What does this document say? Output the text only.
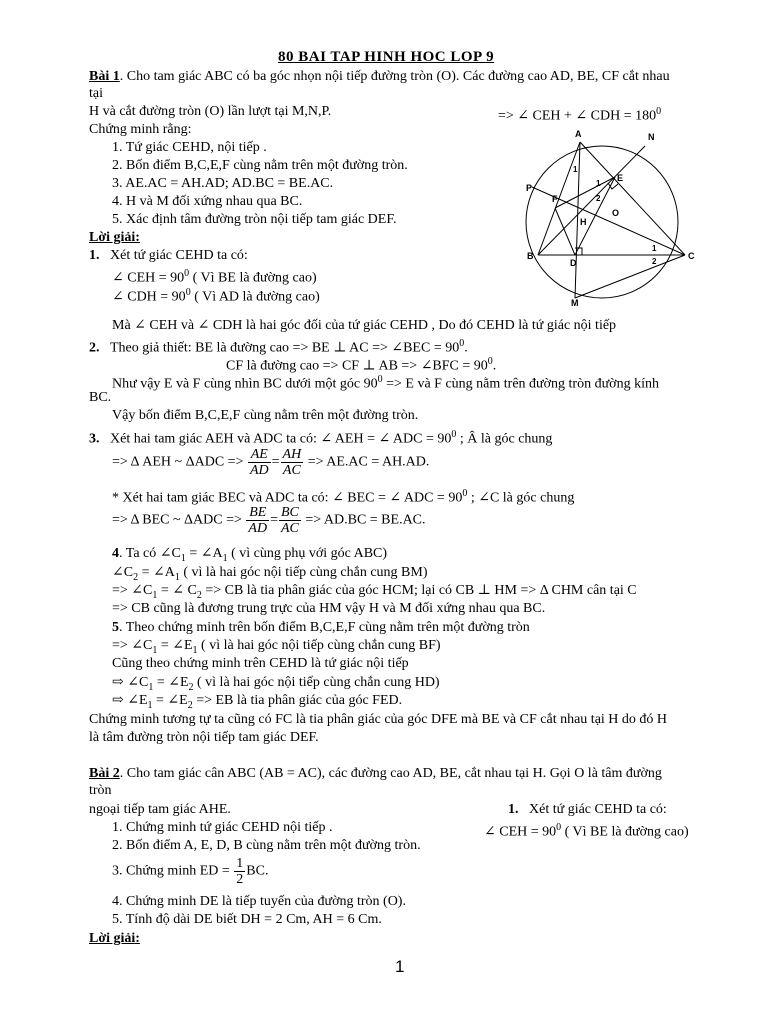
80 BAI TAP HINH HOC LOP 9
Bài 1. Cho tam giác ABC có ba góc nhọn nội tiếp đường tròn (O). Các đường cao AD, BE, CF cắt nhau
tại
H và cắt đường tròn (O) lần lượt tại M,N,P.	=> ∠ CEH + ∠ CDH = $180^0$
Chứng minh rằng:
1. Tứ giác CEHD, nội tiếp .
2. Bốn điểm B,C,E,F cùng nằm trên một đường tròn.
3. AE.AC = AH.AD; AD.BC = BE.AC.
4. H và M đối xứng nhau qua BC.
5. Xác định tâm đường tròn nội tiếp tam giác DEF.
Lời giải:
1. Xét tứ giác CEHD ta có:
∠ CEH = $90^0$ ( Vì BE là đường cao)
∠ CDH = $90^0$ ( Vì AD là đường cao)
Mà ∠ CEH và ∠ CDH là hai góc đối của tứ giác CEHD , Do đó CEHD là tứ giác nội tiếp
2. Theo giả thiết: BE là đường cao => BE ⊥ AC => ∠BEC = $90^0$.
CF là đường cao => CF ⊥ AB => ∠BFC = $90^0$.
Như vậy E và F cùng nhìn BC dưới một góc $90^0 => E$ và F cùng nằm trên đường tròn đường kính
BC.
Vậy bốn điểm B,C,E,F cùng nằm trên một đường tròn.
3. Xét hai tam giác AEH và ADC ta có: ∠ AEH = ∠ ADC = $90^0$ ; Â là góc chung
=> Δ AEH ~ $\Delta ADC => \frac{AE}{AD} = \frac{AH}{AC} => AE.AC = AH.AD$.
* Xét hai tam giác BEC và ADC ta có: ∠ BEC = ∠ ADC = $90^0$ ; ∠C là góc chung
=> Δ BEC ~ $\Delta ADC => \frac{BE}{AD} = \frac{BC}{AC} => AD.BC = BE.AC$.
4. Ta có $\angle C_1$ = $\angle A_1$ ( vì cùng phụ với góc ABC)
$\angle C_2$ = $\angle A_1$ ( vì là hai góc nội tiếp cùng chắn cung BM)
=> $\angle C_1$ = ∠ $C_2$ => CB là tia phân giác của góc HCM; lại có CB ⊥ HM => Δ CHM cân tại C
=> CB cũng là đương trung trực của HM vậy H và M đối xứng nhau qua BC.
5. Theo chứng minh trên bốn điểm B,C,E,F cùng nằm trên một đường tròn
=> $\angle C_1$ = $\angle E_1$ ( vì là hai góc nội tiếp cùng chắn cung BF)
Cũng theo chứng minh trên CEHD là tứ giác nội tiếp
⇨ $\angle C_1$ = $\angle E_2$ ( vì là hai góc nội tiếp cùng chắn cung HD)
⇨ $\angle E_1$ = $\angle E_2$ => EB là tia phân giác của góc FED.
Chứng minh tương tự ta cũng có FC là tia phân giác của góc DFE mà BE và CF cắt nhau tại H do đó H
là tâm đường tròn nội tiếp tam giác DEF.
Bài 2. Cho tam giác cân ABC (AB = AC), các đường cao AD, BE, cắt nhau tại H. Gọi O là tâm đường
tròn
ngoại tiếp tam giác AHE.	1. Xét tứ giác CEHD ta có:
∠ CEH = $90^0$ ( Vì BE là đường cao)
1. Chứng minh tứ giác CEHD nội tiếp .
2. Bốn điểm A, E, D, B cùng nằm trên một đường tròn.
3. Chứng minh ED = $\frac{1}{2}$ BC.
4. Chứng minh DE là tiếp tuyến của đường tròn (O).
5. Tính độ dài DE biết DH = 2 Cm, AH = 6 Cm.
Lời giải:
1
A	N
P
F
E
H
O
B
D
C
M
1
1
2
1
2
